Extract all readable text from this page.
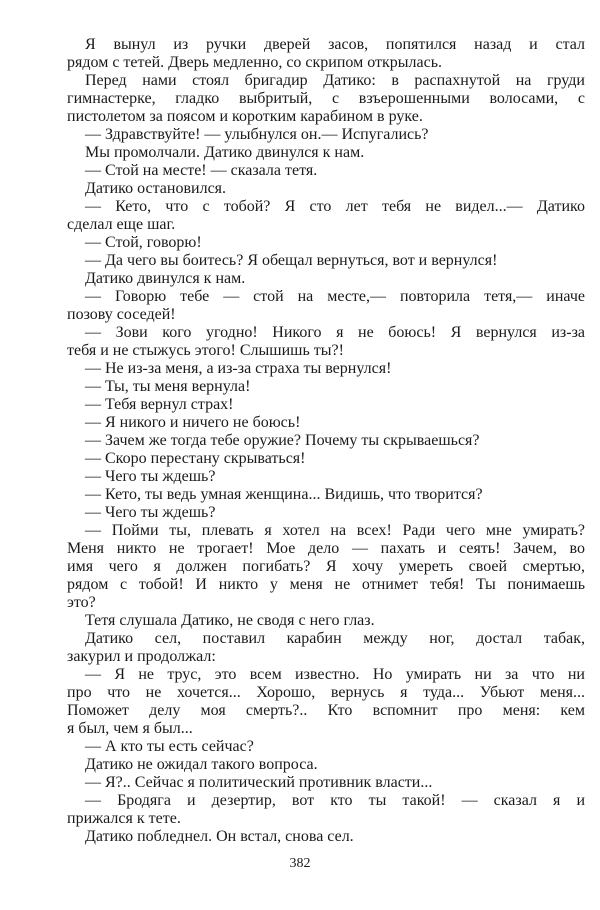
Я вынул из ручки дверей засов, попятился назад и стал
рядом с тетей. Дверь медленно, со скрипом открылась.
Перед нами стоял бригадир Датико: в распахнутой на груди
гимнастерке, гладко выбритый, с взъерошенными волосами, с
пистолетом за поясом и коротким карабином в руке.
— Здравствуйте! — улыбнулся он.— Испугались?
Мы промолчали. Датико двинулся к нам.
— Стой на месте! — сказала тетя.
Датико остановился.
— Кето, что с тобой? Я сто лет тебя не видел...— Датико
сделал еще шаг.
— Стой, говорю!
— Да чего вы боитесь? Я обещал вернуться, вот и вернулся!
Датико двинулся к нам.
— Говорю тебе — стой на месте,— повторила тетя,— иначе
позову соседей!
— Зови кого угодно! Никого я не боюсь! Я вернулся из-за
тебя и не стыжусь этого! Слышишь ты?!
— Не из-за меня, а из-за страха ты вернулся!
— Ты, ты меня вернула!
— Тебя вернул страх!
— Я никого и ничего не боюсь!
— Зачем же тогда тебе оружие? Почему ты скрываешься?
— Скоро перестану скрываться!
— Чего ты ждешь?
— Кето, ты ведь умная женщина... Видишь, что творится?
— Чего ты ждешь?
— Пойми ты, плевать я хотел на всех! Ради чего мне умирать?
Меня никто не трогает! Мое дело — пахать и сеять! Зачем, во
имя чего я должен погибать? Я хочу умереть своей смертью,
рядом с тобой! И никто у меня не отнимет тебя! Ты понимаешь
это?
Тетя слушала Датико, не сводя с него глаз.
Датико сел, поставил карабин между ног, достал табак,
закурил и продолжал:
— Я не трус, это всем известно. Но умирать ни за что ни
про что не хочется... Хорошо, вернусь я туда... Убьют меня...
Поможет делу моя смерть?.. Кто вспомнит про меня: кем
я был, чем я был...
— А кто ты есть сейчас?
Датико не ожидал такого вопроса.
— Я?.. Сейчас я политический противник власти...
— Бродяга и дезертир, вот кто ты такой! — сказал я и
прижался к тете.
Датико побледнел. Он встал, снова сел.
382
